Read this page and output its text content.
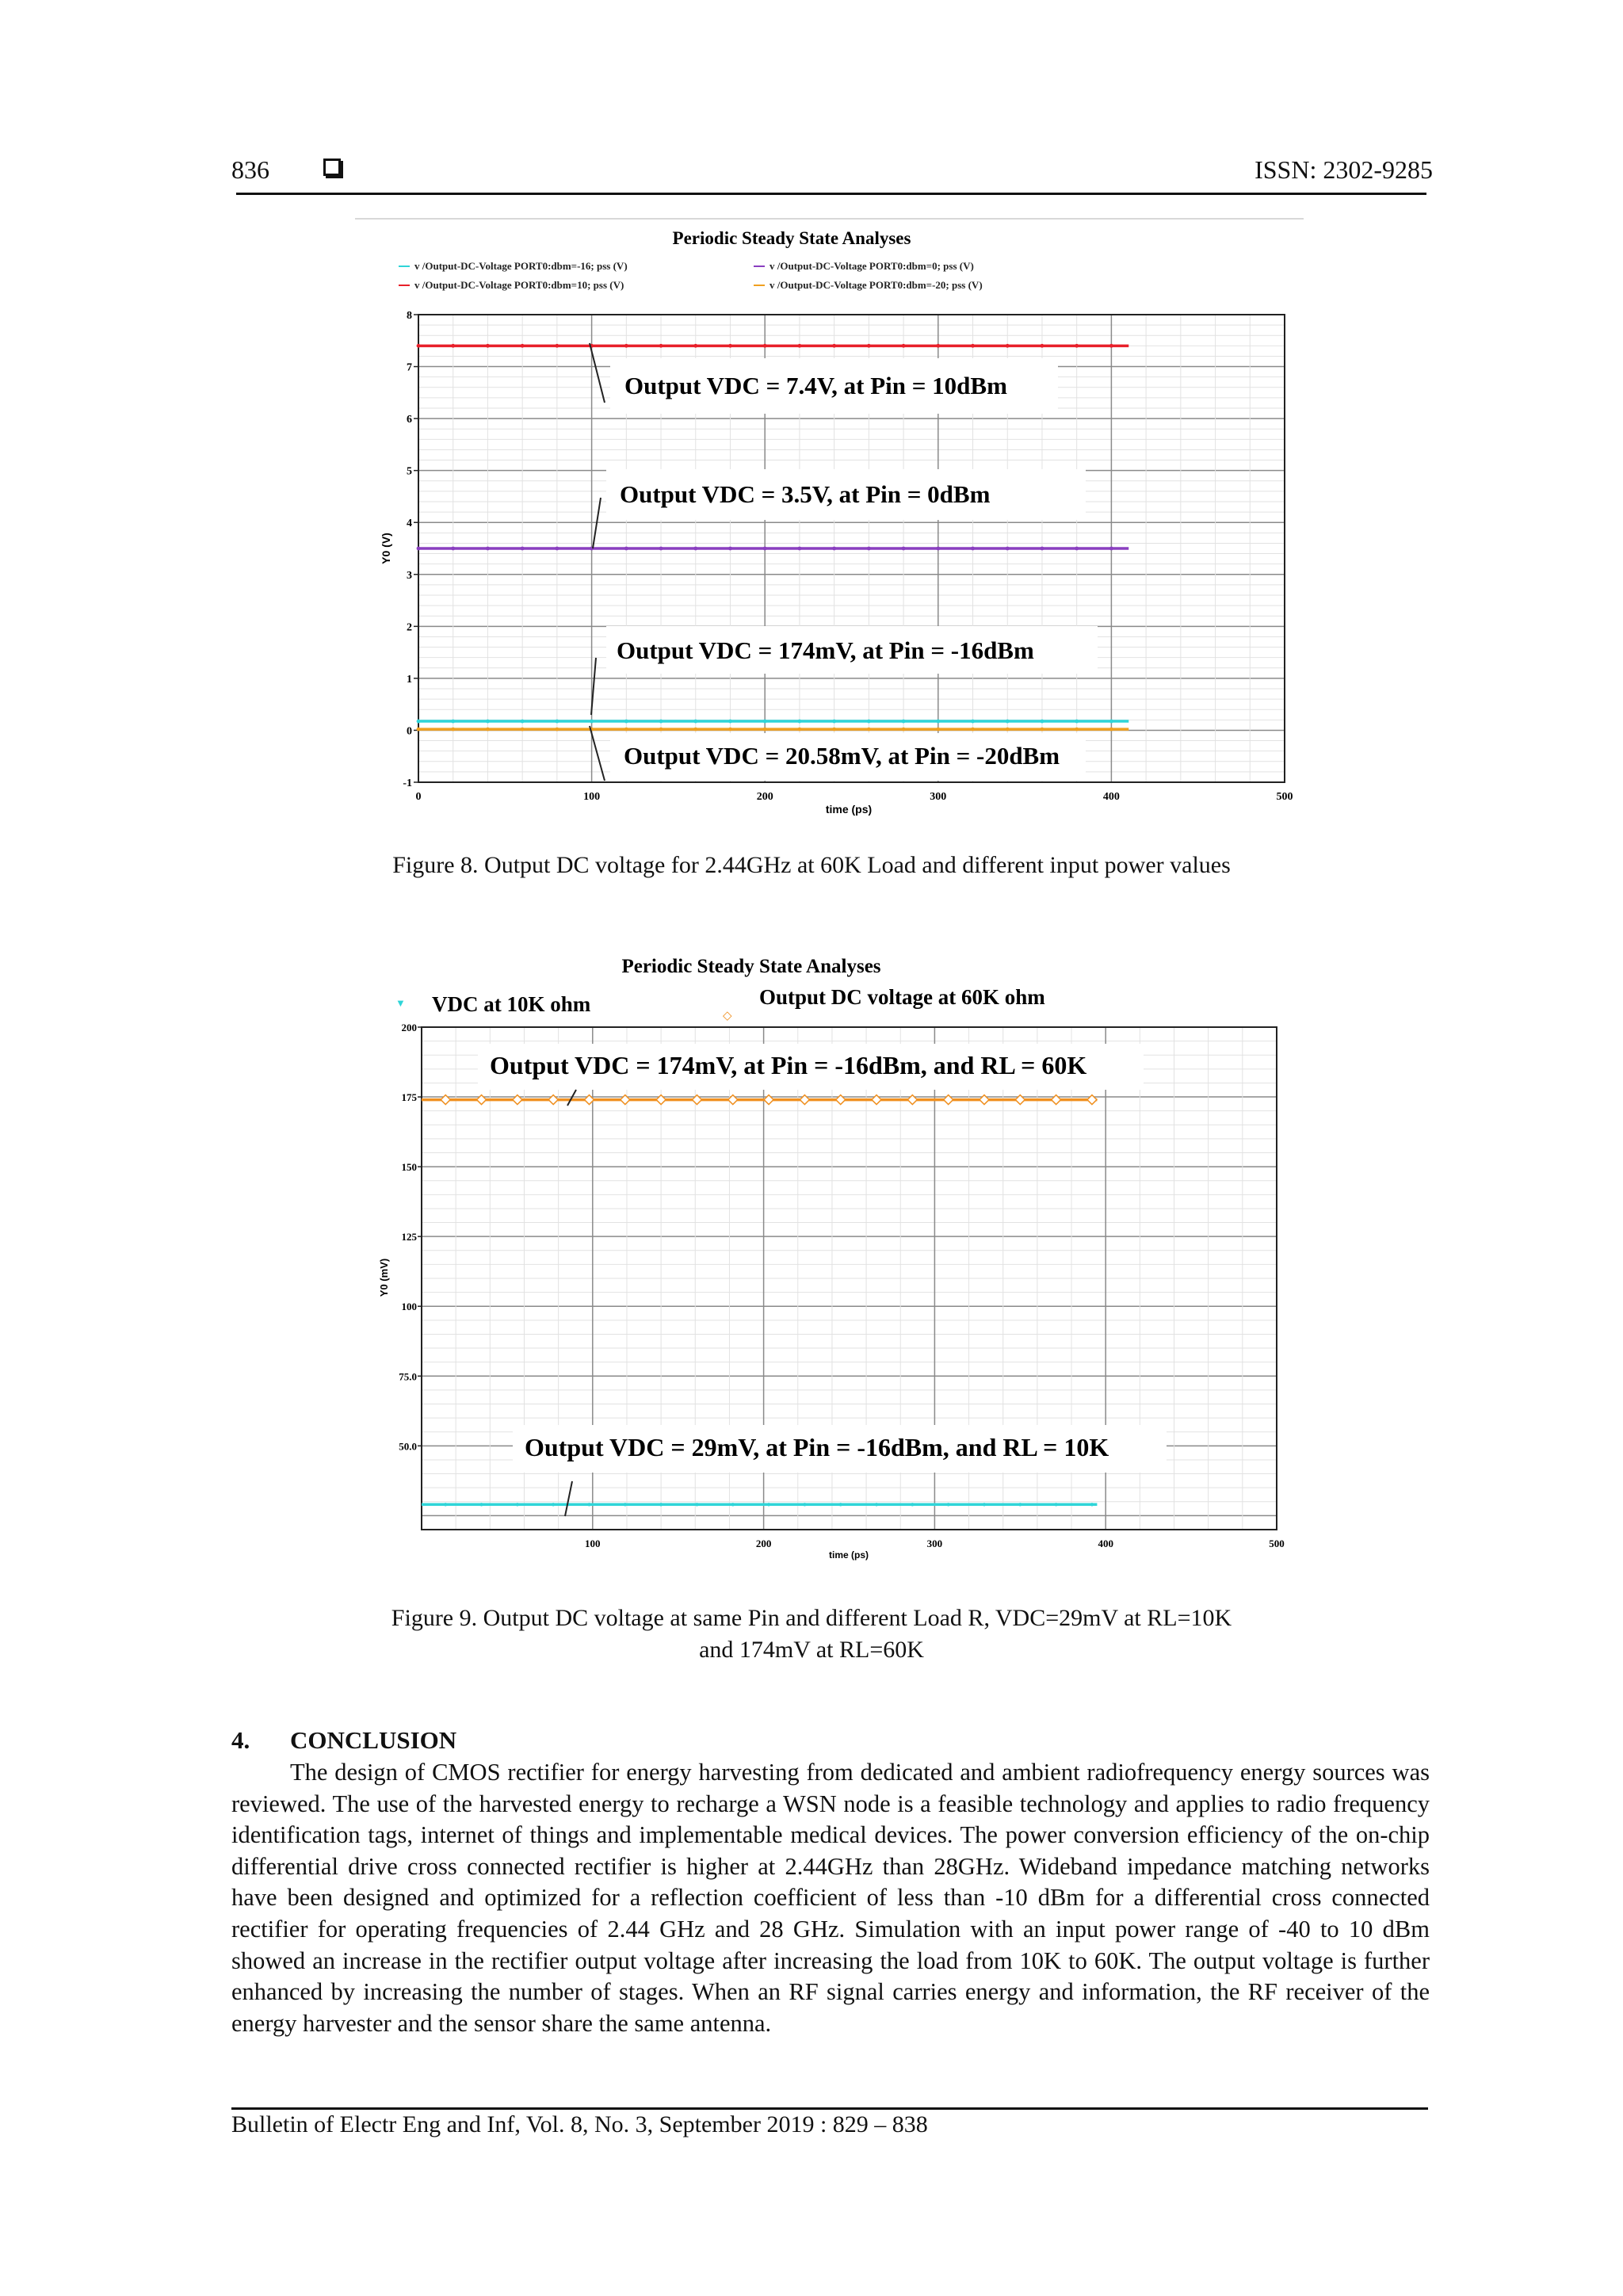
836	ISSN: 2302-9285
Periodic Steady State Analyses
v /Output-DC-Voltage PORT0:dbm=-16; pss (V)	v /Output-DC-Voltage PORT0:dbm=0; pss (V)
v /Output-DC-Voltage PORT0:dbm=10; pss (V)	v /Output-DC-Voltage PORT0:dbm=-20; pss (V)
8
7
6
5
4
3
2
1
0
-1
0	100	200	300	400	500
time (ps)
Y0 (V)
Output VDC = 7.4V, at Pin = 10dBm
Output VDC = 3.5V, at Pin = 0dBm
Output VDC = 174mV, at Pin = -16dBm
Output VDC = 20.58mV, at Pin = -20dBm
Figure 8. Output DC voltage for 2.44GHz at 60K Load and different input power values
Periodic Steady State Analyses
▼ VDC at 10K ohm	◇
Output DC voltage at 60K ohm
200
175
150
125
100
75.0
50.0
100	200	300	400	500
time (ps)
Y0 (mV)
Output VDC = 174mV, at Pin = -16dBm, and RL = 60K
Output VDC = 29mV, at Pin = -16dBm, and RL = 10K
Figure 9. Output DC voltage at same Pin and different Load R, VDC=29mV at RL=10K
and 174mV at RL=60K
4. CONCLUSION
The design of CMOS rectifier for energy harvesting from dedicated and ambient radiofrequency energy sources was reviewed. The use of the harvested energy to recharge a WSN node is a feasible technology and applies to radio frequency identification tags, internet of things and implementable medical devices. The power conversion efficiency of the on-chip differential drive cross connected rectifier is higher at 2.44GHz than 28GHz. Wideband impedance matching networks have been designed and optimized for a reflection coefficient of less than -10 dBm for a differential cross connected rectifier for operating frequencies of 2.44 GHz and 28 GHz. Simulation with an input power range of -40 to 10 dBm showed an increase in the rectifier output voltage after increasing the load from 10K to 60K. The output voltage is further enhanced by increasing the number of stages. When an RF signal carries energy and information, the RF receiver of the energy harvester and the sensor share the same antenna.
Bulletin of Electr Eng and Inf, Vol. 8, No. 3, September 2019 : 829 – 838
